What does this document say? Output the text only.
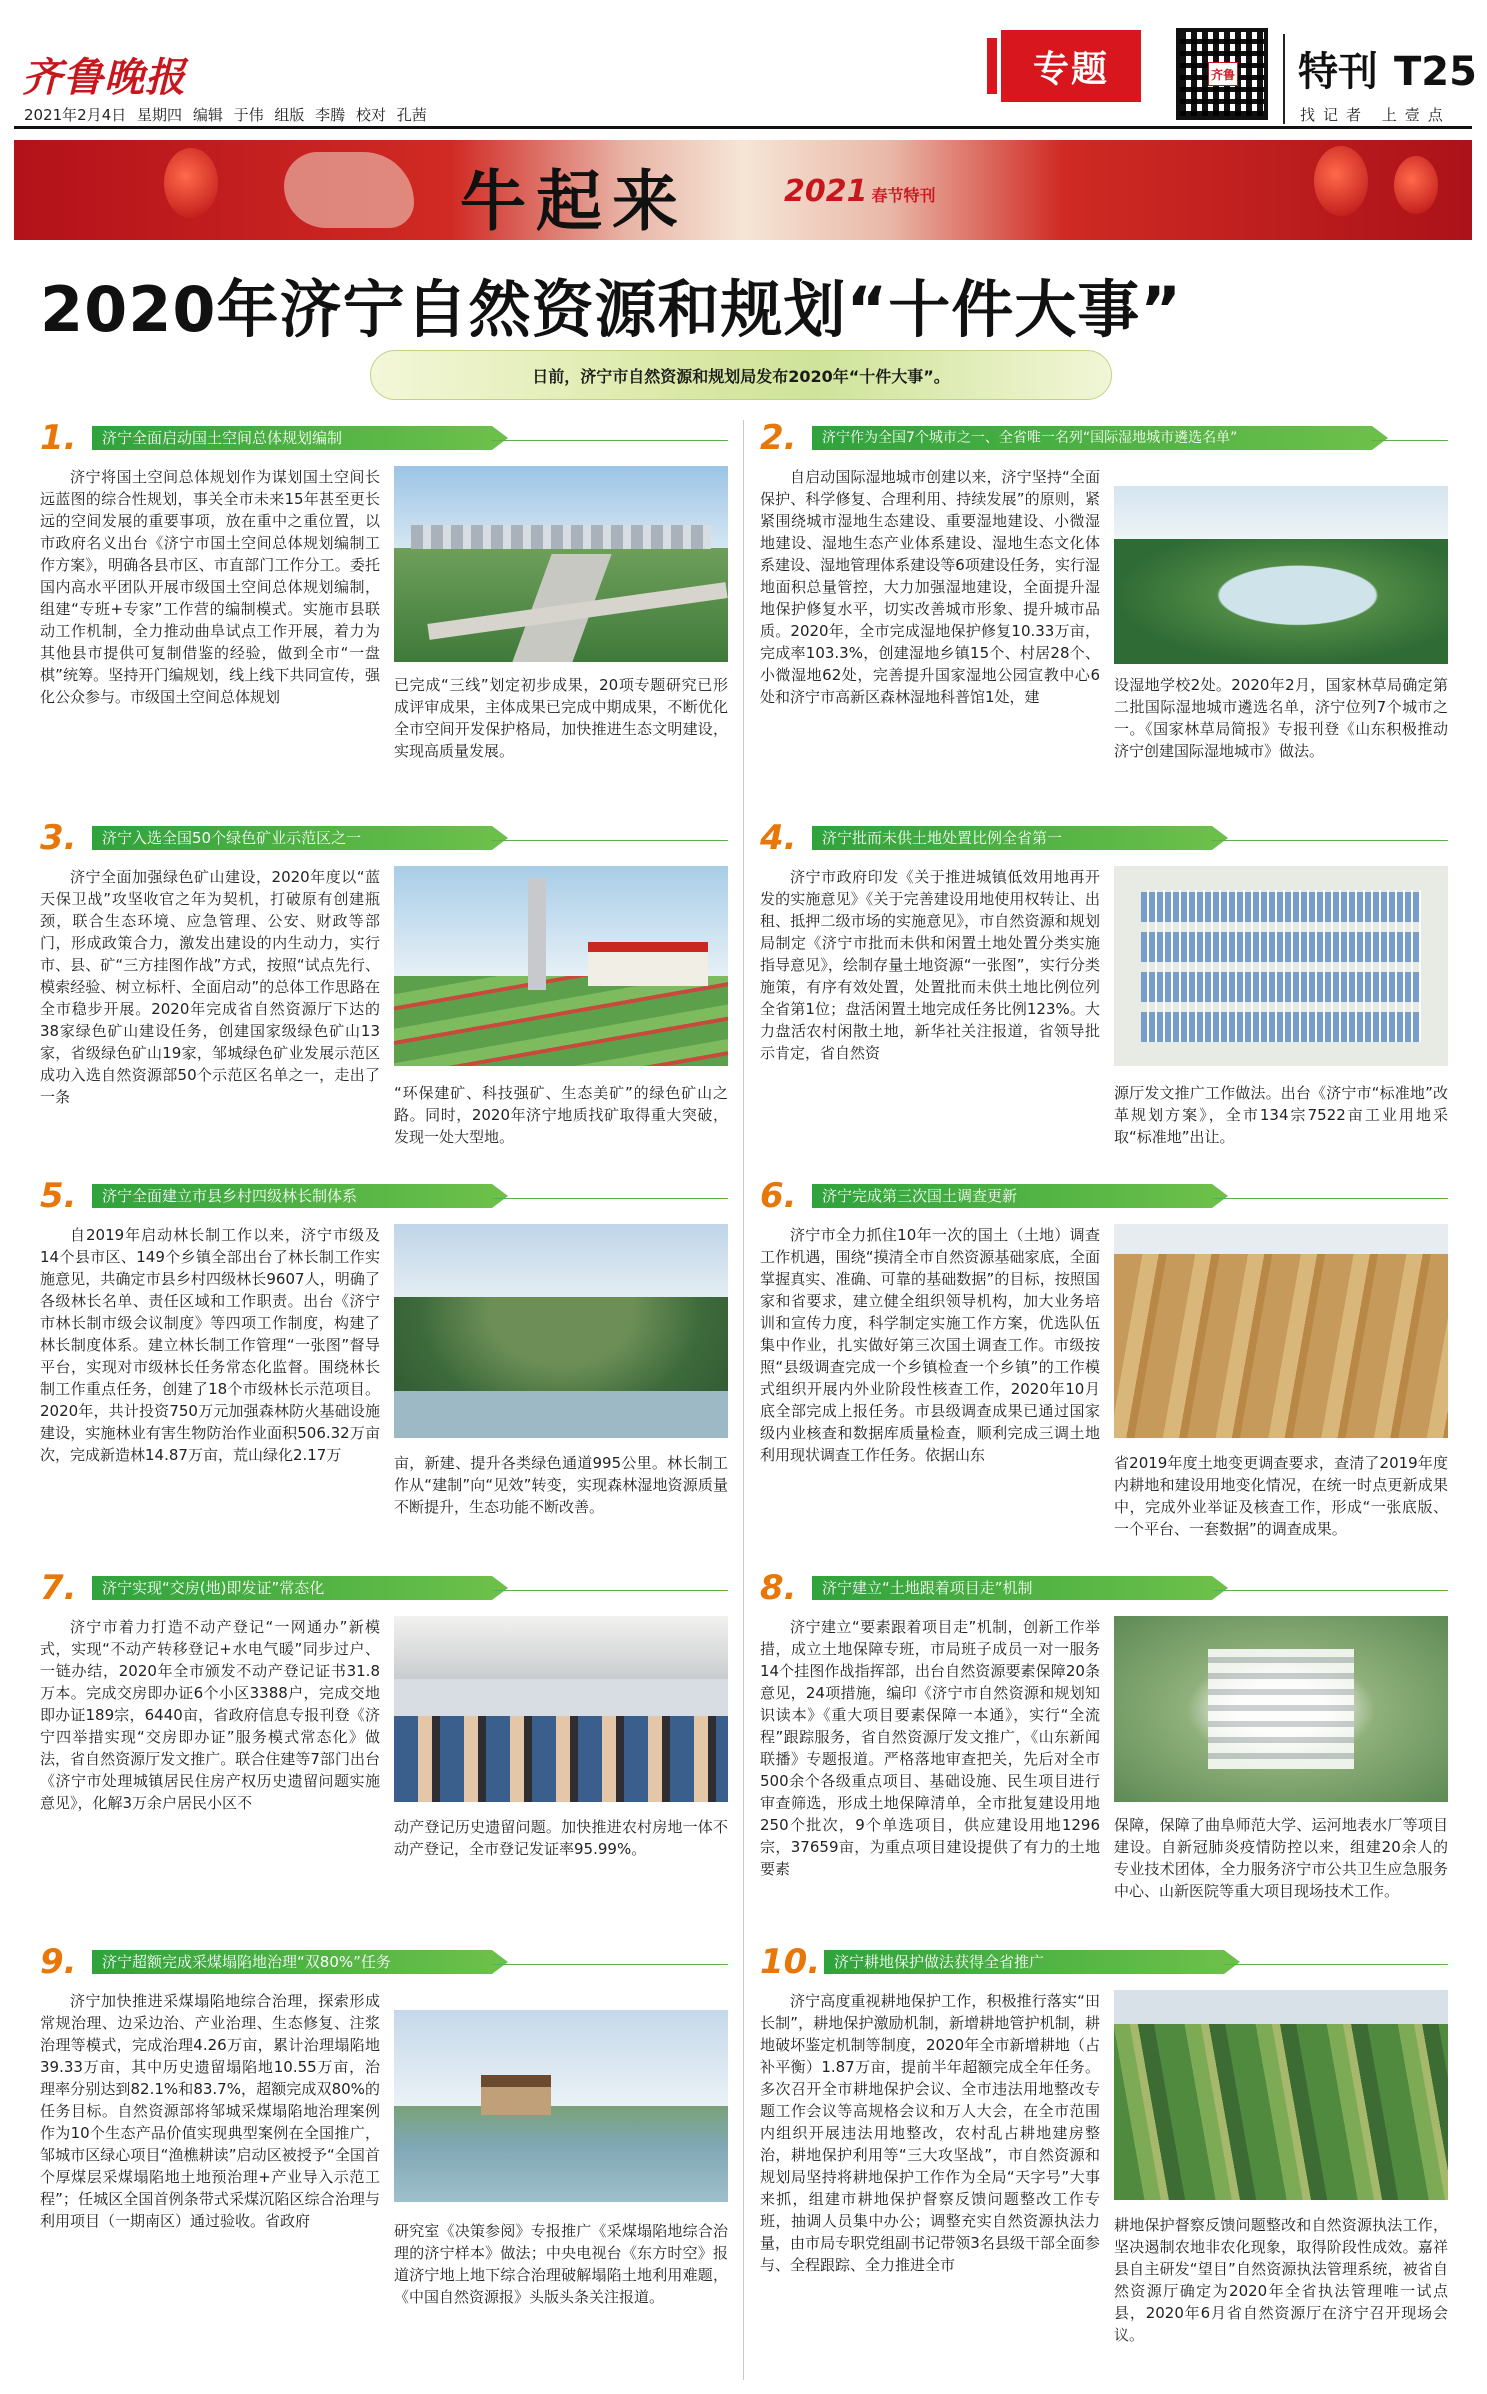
齐鲁晚报
2021年2月4日 星期四 编辑 于伟 组版 李腾 校对 孔茜
专题	齐鲁 特刊 T25
找记者 上壹点
牛起来	2021 春节特刊
2020年济宁自然资源和规划“十件大事”
日前，济宁市自然资源和规划局发布2020年“十件大事”。
1.	济宁全面启动国土空间总体规划编制
济宁将国土空间总体规划作为谋划国土空间长远蓝图的综合性规划，事关全市未来15年甚至更长远的空间发展的重要事项，放在重中之重位置，以市政府名义出台《济宁市国土空间总体规划编制工作方案》，明确各县市区、市直部门工作分工。委托国内高水平团队开展市级国土空间总体规划编制，组建“专班+专家”工作营的编制模式。实施市县联动工作机制，全力推动曲阜试点工作开展，着力为其他县市提供可复制借鉴的经验，做到全市“一盘棋”统筹。坚持开门编规划，线上线下共同宣传，强化公众参与。市级国土空间总体规划
已完成“三线”划定初步成果，20项专题研究已形成评审成果，主体成果已完成中期成果，不断优化全市空间开发保护格局，加快推进生态文明建设，实现高质量发展。
2.	济宁作为全国7个城市之一、全省唯一名列“国际湿地城市遴选名单”
自启动国际湿地城市创建以来，济宁坚持“全面保护、科学修复、合理利用、持续发展”的原则，紧紧围绕城市湿地生态建设、重要湿地建设、小微湿地建设、湿地生态产业体系建设、湿地生态文化体系建设、湿地管理体系建设等6项建设任务，实行湿地面积总量管控，大力加强湿地建设，全面提升湿地保护修复水平，切实改善城市形象、提升城市品质。2020年，全市完成湿地保护修复10.33万亩，完成率103.3%，创建湿地乡镇15个、村居28个、小微湿地62处，完善提升国家湿地公园宣教中心6处和济宁市高新区森林湿地科普馆1处，建
设湿地学校2处。2020年2月，国家林草局确定第二批国际湿地城市遴选名单，济宁位列7个城市之一。《国家林草局简报》专报刊登《山东积极推动济宁创建国际湿地城市》做法。
3.	济宁入选全国50个绿色矿业示范区之一
济宁全面加强绿色矿山建设，2020年度以“蓝天保卫战”攻坚收官之年为契机，打破原有创建瓶颈，联合生态环境、应急管理、公安、财政等部门，形成政策合力，激发出建设的内生动力，实行市、县、矿“三方挂图作战”方式，按照“试点先行、模索经验、树立标杆、全面启动”的总体工作思路在全市稳步开展。2020年完成省自然资源厅下达的38家绿色矿山建设任务，创建国家级绿色矿山13家，省级绿色矿山19家，邹城绿色矿业发展示范区成功入选自然资源部50个示范区名单之一，走出了一条	“环保建矿、科技强矿、生态美矿”的绿色矿山之路。同时，2020年济宁地质找矿取得重大突破，发现一处大型地。
4.	济宁批而未供土地处置比例全省第一
济宁市政府印发《关于推进城镇低效用地再开发的实施意见》《关于完善建设用地使用权转让、出租、抵押二级市场的实施意见》，市自然资源和规划局制定《济宁市批而未供和闲置土地处置分类实施指导意见》，绘制存量土地资源“一张图”，实行分类施策，有序有效处置，处置批而未供土地比例位列全省第1位；盘活闲置土地完成任务比例123%。大力盘活农村闲散土地，新华社关注报道，省领导批示肯定，省自然资
源厅发文推广工作做法。出台《济宁市“标准地”改革规划方案》，全市134宗7522亩工业用地采取“标准地”出让。
5.	济宁全面建立市县乡村四级林长制体系
自2019年启动林长制工作以来，济宁市级及14个县市区、149个乡镇全部出台了林长制工作实施意见，共确定市县乡村四级林长9607人，明确了各级林长名单、责任区域和工作职责。出台《济宁市林长制市级会议制度》等四项工作制度，构建了林长制度体系。建立林长制工作管理“一张图”督导平台，实现对市级林长任务常态化监督。围绕林长制工作重点任务，创建了18个市级林长示范项目。2020年，共计投资750万元加强森林防火基础设施建设，实施林业有害生物防治作业面积506.32万亩次，完成新造林14.87万亩，荒山绿化2.17万	亩，新建、提升各类绿色通道995公里。林长制工作从“建制”向“见效”转变，实现森林湿地资源质量不断提升，生态功能不断改善。
6.	济宁完成第三次国土调查更新
济宁市全力抓住10年一次的国土（土地）调查工作机遇，围绕“摸清全市自然资源基础家底，全面掌握真实、准确、可靠的基础数据”的目标，按照国家和省要求，建立健全组织领导机构，加大业务培训和宣传力度，科学制定实施工作方案，优选队伍集中作业，扎实做好第三次国土调查工作。市级按照“县级调查完成一个乡镇检查一个乡镇”的工作模式组织开展内外业阶段性核查工作，2020年10月底全部完成上报任务。市县级调查成果已通过国家级内业核查和数据库质量检查，顺利完成三调土地利用现状调查工作任务。依据山东	省2019年度土地变更调查要求，查清了2019年度内耕地和建设用地变化情况，在统一时点更新成果中，完成外业举证及核查工作，形成“一张底版、一个平台、一套数据”的调查成果。
7.	济宁实现“交房(地)即发证”常态化
济宁市着力打造不动产登记“一网通办”新模式，实现“不动产转移登记+水电气暖”同步过户、一链办结，2020年全市颁发不动产登记证书31.8万本。完成交房即办证6个小区3388户，完成交地即办证189宗，6440亩，省政府信息专报刊登《济宁四举措实现“交房即办证”服务模式常态化》做法，省自然资源厅发文推广。联合住建等7部门出台《济宁市处理城镇居民住房产权历史遗留问题实施意见》，化解3万余户居民小区不
动产登记历史遗留问题。加快推进农村房地一体不动产登记，全市登记发证率95.99%。
8.	济宁建立“土地跟着项目走”机制
济宁建立“要素跟着项目走”机制，创新工作举措，成立土地保障专班，市局班子成员一对一服务14个挂图作战指挥部，出台自然资源要素保障20条意见，24项措施，编印《济宁市自然资源和规划知识读本》《重大项目要素保障一本通》，实行“全流程”跟踪服务，省自然资源厅发文推广，《山东新闻联播》专题报道。严格落地审查把关，先后对全市500余个各级重点项目、基础设施、民生项目进行审查筛选，形成土地保障清单，全市批复建设用地250个批次，9个单选项目，供应建设用地1296宗，37659亩，为重点项目建设提供了有力的土地要素
保障，保障了曲阜师范大学、运河地表水厂等项目建设。自新冠肺炎疫情防控以来，组建20余人的专业技术团体，全力服务济宁市公共卫生应急服务中心、山新医院等重大项目现场技术工作。
9.	济宁超额完成采煤塌陷地治理“双80%”任务
济宁加快推进采煤塌陷地综合治理，探索形成常规治理、边采边治、产业治理、生态修复、注浆治理等模式，完成治理4.26万亩，累计治理塌陷地39.33万亩，其中历史遗留塌陷地10.55万亩，治理率分别达到82.1%和83.7%，超额完成双80%的任务目标。自然资源部将邹城采煤塌陷地治理案例作为10个生态产品价值实现典型案例在全国推广，邹城市区绿心项目“渔樵耕读”启动区被授予“全国首个厚煤层采煤塌陷地土地预治理+产业导入示范工程”；任城区全国首例条带式采煤沉陷区综合治理与利用项目（一期南区）通过验收。省政府
研究室《决策参阅》专报推广《采煤塌陷地综合治理的济宁样本》做法；中央电视台《东方时空》报道济宁地上地下综合治理破解塌陷土地利用难题，《中国自然资源报》头版头条关注报道。
10. 济宁耕地保护做法获得全省推广
济宁高度重视耕地保护工作，积极推行落实“田长制”，耕地保护激励机制，新增耕地管护机制，耕地破坏鉴定机制等制度，2020年全市新增耕地（占补平衡）1.87万亩，提前半年超额完成全年任务。多次召开全市耕地保护会议、全市违法用地整改专题工作会议等高规格会议和万人大会，在全市范围内组织开展违法用地整改，农村乱占耕地建房整治，耕地保护利用等“三大攻坚战”，市自然资源和规划局坚持将耕地保护工作作为全局“天字号”大事来抓，组建市耕地保护督察反馈问题整改工作专班，抽调人员集中办公；调整充实自然资源执法力量，由市局专职党组副书记带领3名县级干部全面参与、全程跟踪、全力推进全市
耕地保护督察反馈问题整改和自然资源执法工作，坚决遏制农地非农化现象，取得阶段性成效。嘉祥县自主研发“望目”自然资源执法管理系统，被省自然资源厅确定为2020年全省执法管理唯一试点县，2020年6月省自然资源厅在济宁召开现场会议。
